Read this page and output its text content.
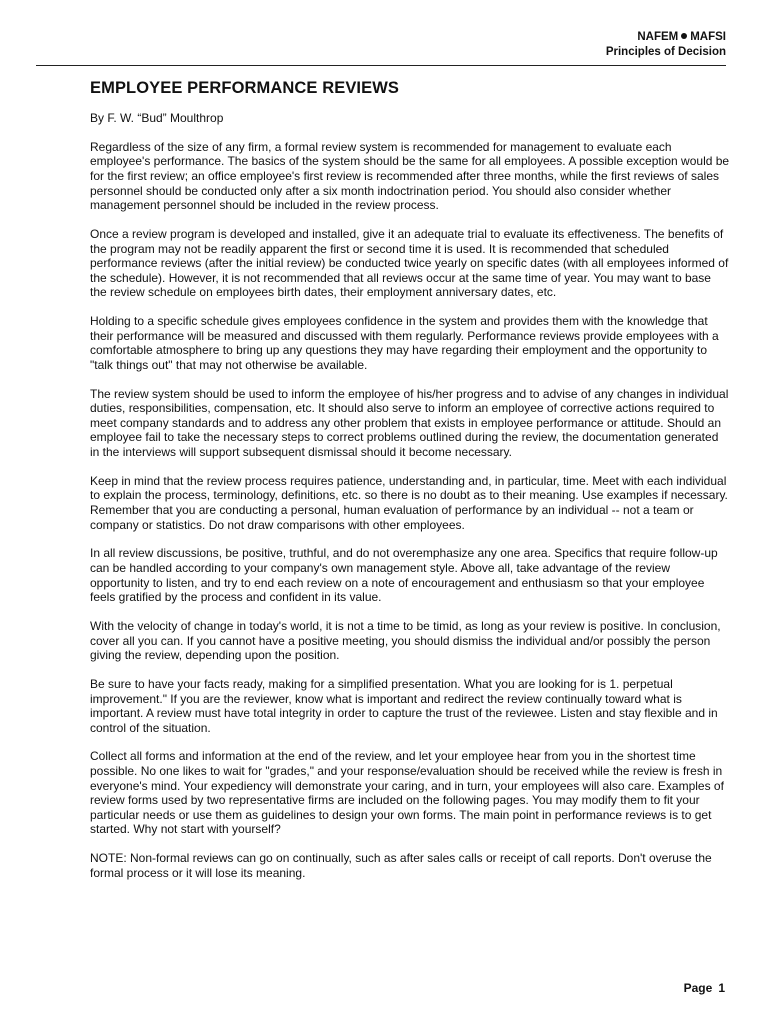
NAFEM MAFSI
Principles of Decision
EMPLOYEE PERFORMANCE REVIEWS

By F. W. “Bud” Moulthrop

Regardless of the size of any firm, a formal review system is recommended for management to evaluate each employee's performance. The basics of the system should be the same for all employees. A possible exception would be for the first review; an office employee's first review is recommended after three months, while the first reviews of sales personnel should be conducted only after a six month indoctrination period. You should also consider whether management personnel should be included in the review process.

Once a review program is developed and installed, give it an adequate trial to evaluate its effectiveness. The benefits of the program may not be readily apparent the first or second time it is used. It is recommended that scheduled performance reviews (after the initial review) be conducted twice yearly on specific dates (with all employees informed of the schedule). However, it is not recommended that all reviews occur at the same time of year. You may want to base the review schedule on employees birth dates, their employment anniversary dates, etc.

Holding to a specific schedule gives employees confidence in the system and provides them with the knowledge that their performance will be measured and discussed with them regularly. Performance reviews provide employees with a comfortable atmosphere to bring up any questions they may have regarding their employment and the opportunity to "talk things out" that may not otherwise be available.

The review system should be used to inform the employee of his/her progress and to advise of any changes in individual duties, responsibilities, compensation, etc. It should also serve to inform an employee of corrective actions required to meet company standards and to address any other problem that exists in employee performance or attitude. Should an employee fail to take the necessary steps to correct problems outlined during the review, the documentation generated in the interviews will support subsequent dismissal should it become necessary.

Keep in mind that the review process requires patience, understanding and, in particular, time. Meet with each individual to explain the process, terminology, definitions, etc. so there is no doubt as to their meaning. Use examples if necessary. Remember that you are conducting a personal, human evaluation of performance by an individual -- not a team or company or statistics. Do not draw comparisons with other employees.

In all review discussions, be positive, truthful, and do not overemphasize any one area. Specifics that require follow-up can be handled according to your company's own management style. Above all, take advantage of the review opportunity to listen, and try to end each review on a note of encouragement and enthusiasm so that your employee feels gratified by the process and confident in its value.

With the velocity of change in today's world, it is not a time to be timid, as long as your review is positive. In conclusion, cover all you can. If you cannot have a positive meeting, you should dismiss the individual and/or possibly the person giving the review, depending upon the position.

Be sure to have your facts ready, making for a simplified presentation. What you are looking for is 1. perpetual improvement." If you are the reviewer, know what is important and redirect the review continually toward what is important. A review must have total integrity in order to capture the trust of the reviewee. Listen and stay flexible and in control of the situation.

Collect all forms and information at the end of the review, and let your employee hear from you in the shortest time possible. No one likes to wait for "grades," and your response/evaluation should be received while the review is fresh in everyone's mind. Your expediency will demonstrate your caring, and in turn, your employees will also care. Examples of review forms used by two representative firms are included on the following pages. You may modify them to fit your particular needs or use them as guidelines to design your own forms. The main point in performance reviews is to get started. Why not start with yourself?

NOTE: Non-formal reviews can go on continually, such as after sales calls or receipt of call reports. Don't overuse the formal process or it will lose its meaning.

Page 1
